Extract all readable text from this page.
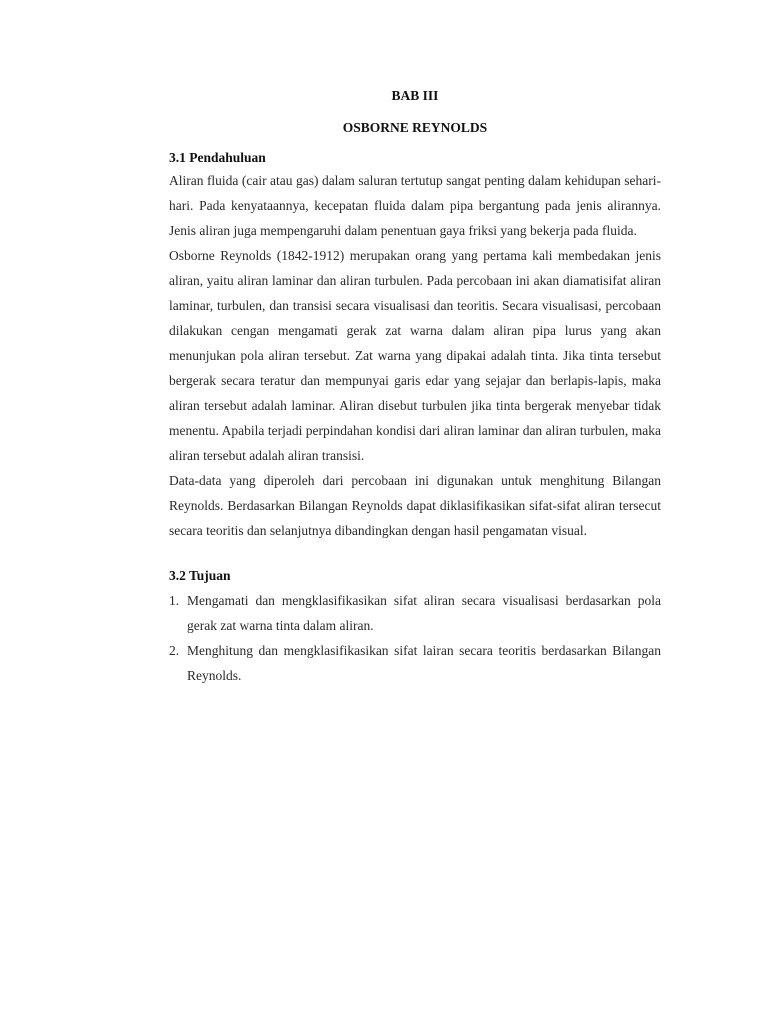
BAB III
OSBORNE REYNOLDS
3.1 Pendahuluan

Aliran fluida (cair atau gas) dalam saluran tertutup sangat penting dalam kehidupan sehari-hari. Pada kenyataannya, kecepatan fluida dalam pipa bergantung pada jenis alirannya. Jenis aliran juga mempengaruhi dalam penentuan gaya friksi yang bekerja pada fluida.

Osborne Reynolds (1842-1912) merupakan orang yang pertama kali membedakan jenis aliran, yaitu aliran laminar dan aliran turbulen. Pada percobaan ini akan diamatisifat aliran laminar, turbulen, dan transisi secara visualisasi dan teoritis. Secara visualisasi, percobaan dilakukan cengan mengamati gerak zat warna dalam aliran pipa lurus yang akan menunjukan pola aliran tersebut. Zat warna yang dipakai adalah tinta. Jika tinta tersebut bergerak secara teratur dan mempunyai garis edar yang sejajar dan berlapis-lapis, maka aliran tersebut adalah laminar. Aliran disebut turbulen jika tinta bergerak menyebar tidak menentu. Apabila terjadi perpindahan kondisi dari aliran laminar dan aliran turbulen, maka aliran tersebut adalah aliran transisi.

Data-data yang diperoleh dari percobaan ini digunakan untuk menghitung Bilangan Reynolds. Berdasarkan Bilangan Reynolds dapat diklasifikasikan sifat-sifat aliran tersecut secara teoritis dan selanjutnya dibandingkan dengan hasil pengamatan visual.

3.2 Tujuan
1. Mengamati dan mengklasifikasikan sifat aliran secara visualisasi berdasarkan pola gerak zat warna tinta dalam aliran.
2. Menghitung dan mengklasifikasikan sifat lairan secara teoritis berdasarkan Bilangan Reynolds.
